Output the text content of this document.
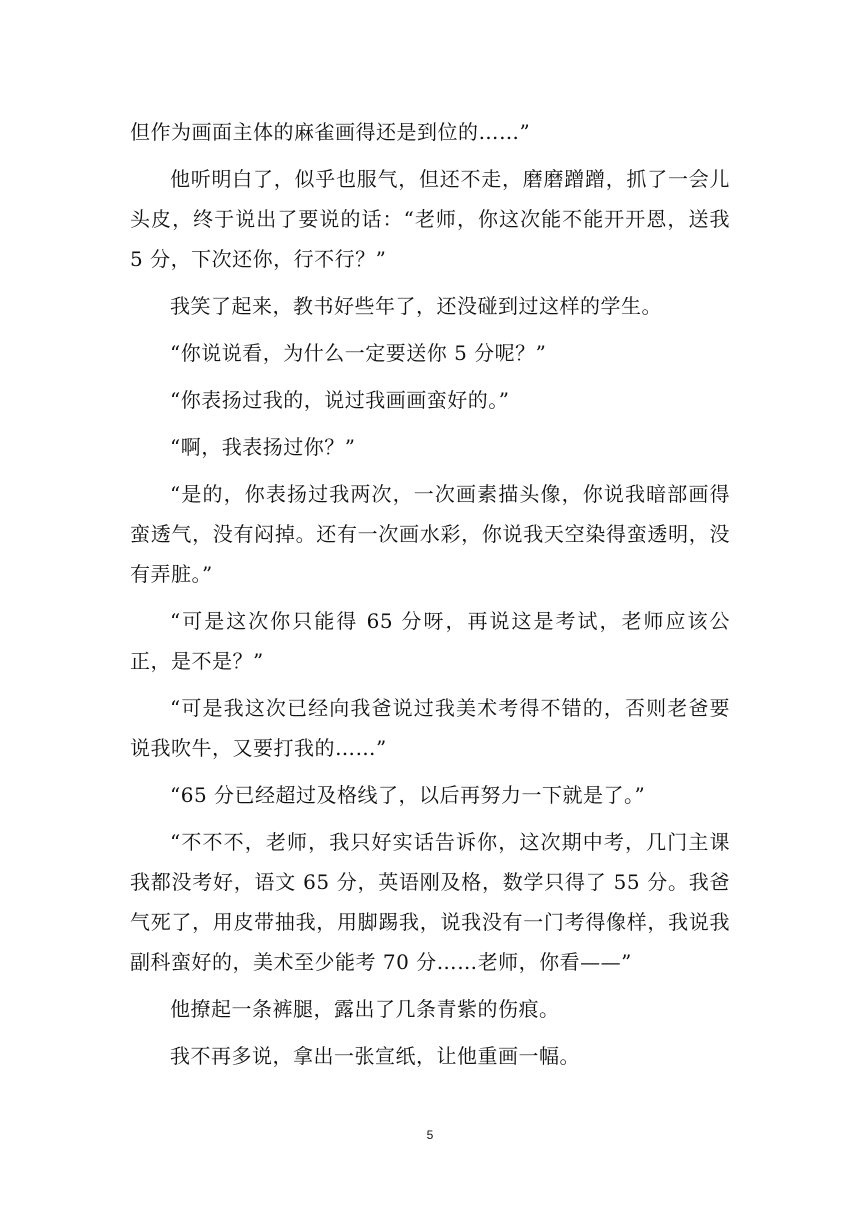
但作为画面主体的麻雀画得还是到位的……”

他听明白了，似乎也服气，但还不走，磨磨蹭蹭，抓了一会儿头皮，终于说出了要说的话：“老师，你这次能不能开开恩，送我 5 分，下次还你，行不行？”

我笑了起来，教书好些年了，还没碰到过这样的学生。

“你说说看，为什么一定要送你 5 分呢？”

“你表扬过我的，说过我画画蛮好的。”

“啊，我表扬过你？”

“是的，你表扬过我两次，一次画素描头像，你说我暗部画得蛮透气，没有闷掉。还有一次画水彩，你说我天空染得蛮透明，没有弄脏。”

“可是这次你只能得 65 分呀，再说这是考试，老师应该公正，是不是？”

“可是我这次已经向我爸说过我美术考得不错的，否则老爸要说我吹牛，又要打我的……”

“65 分已经超过及格线了，以后再努力一下就是了。”

“不不不，老师，我只好实话告诉你，这次期中考，几门主课我都没考好，语文 65 分，英语刚及格，数学只得了 55 分。我爸气死了，用皮带抽我，用脚踢我，说我没有一门考得像样，我说我副科蛮好的，美术至少能考 70 分……老师，你看——”

他撩起一条裤腿，露出了几条青紫的伤痕。

我不再多说，拿出一张宣纸，让他重画一幅。

5
